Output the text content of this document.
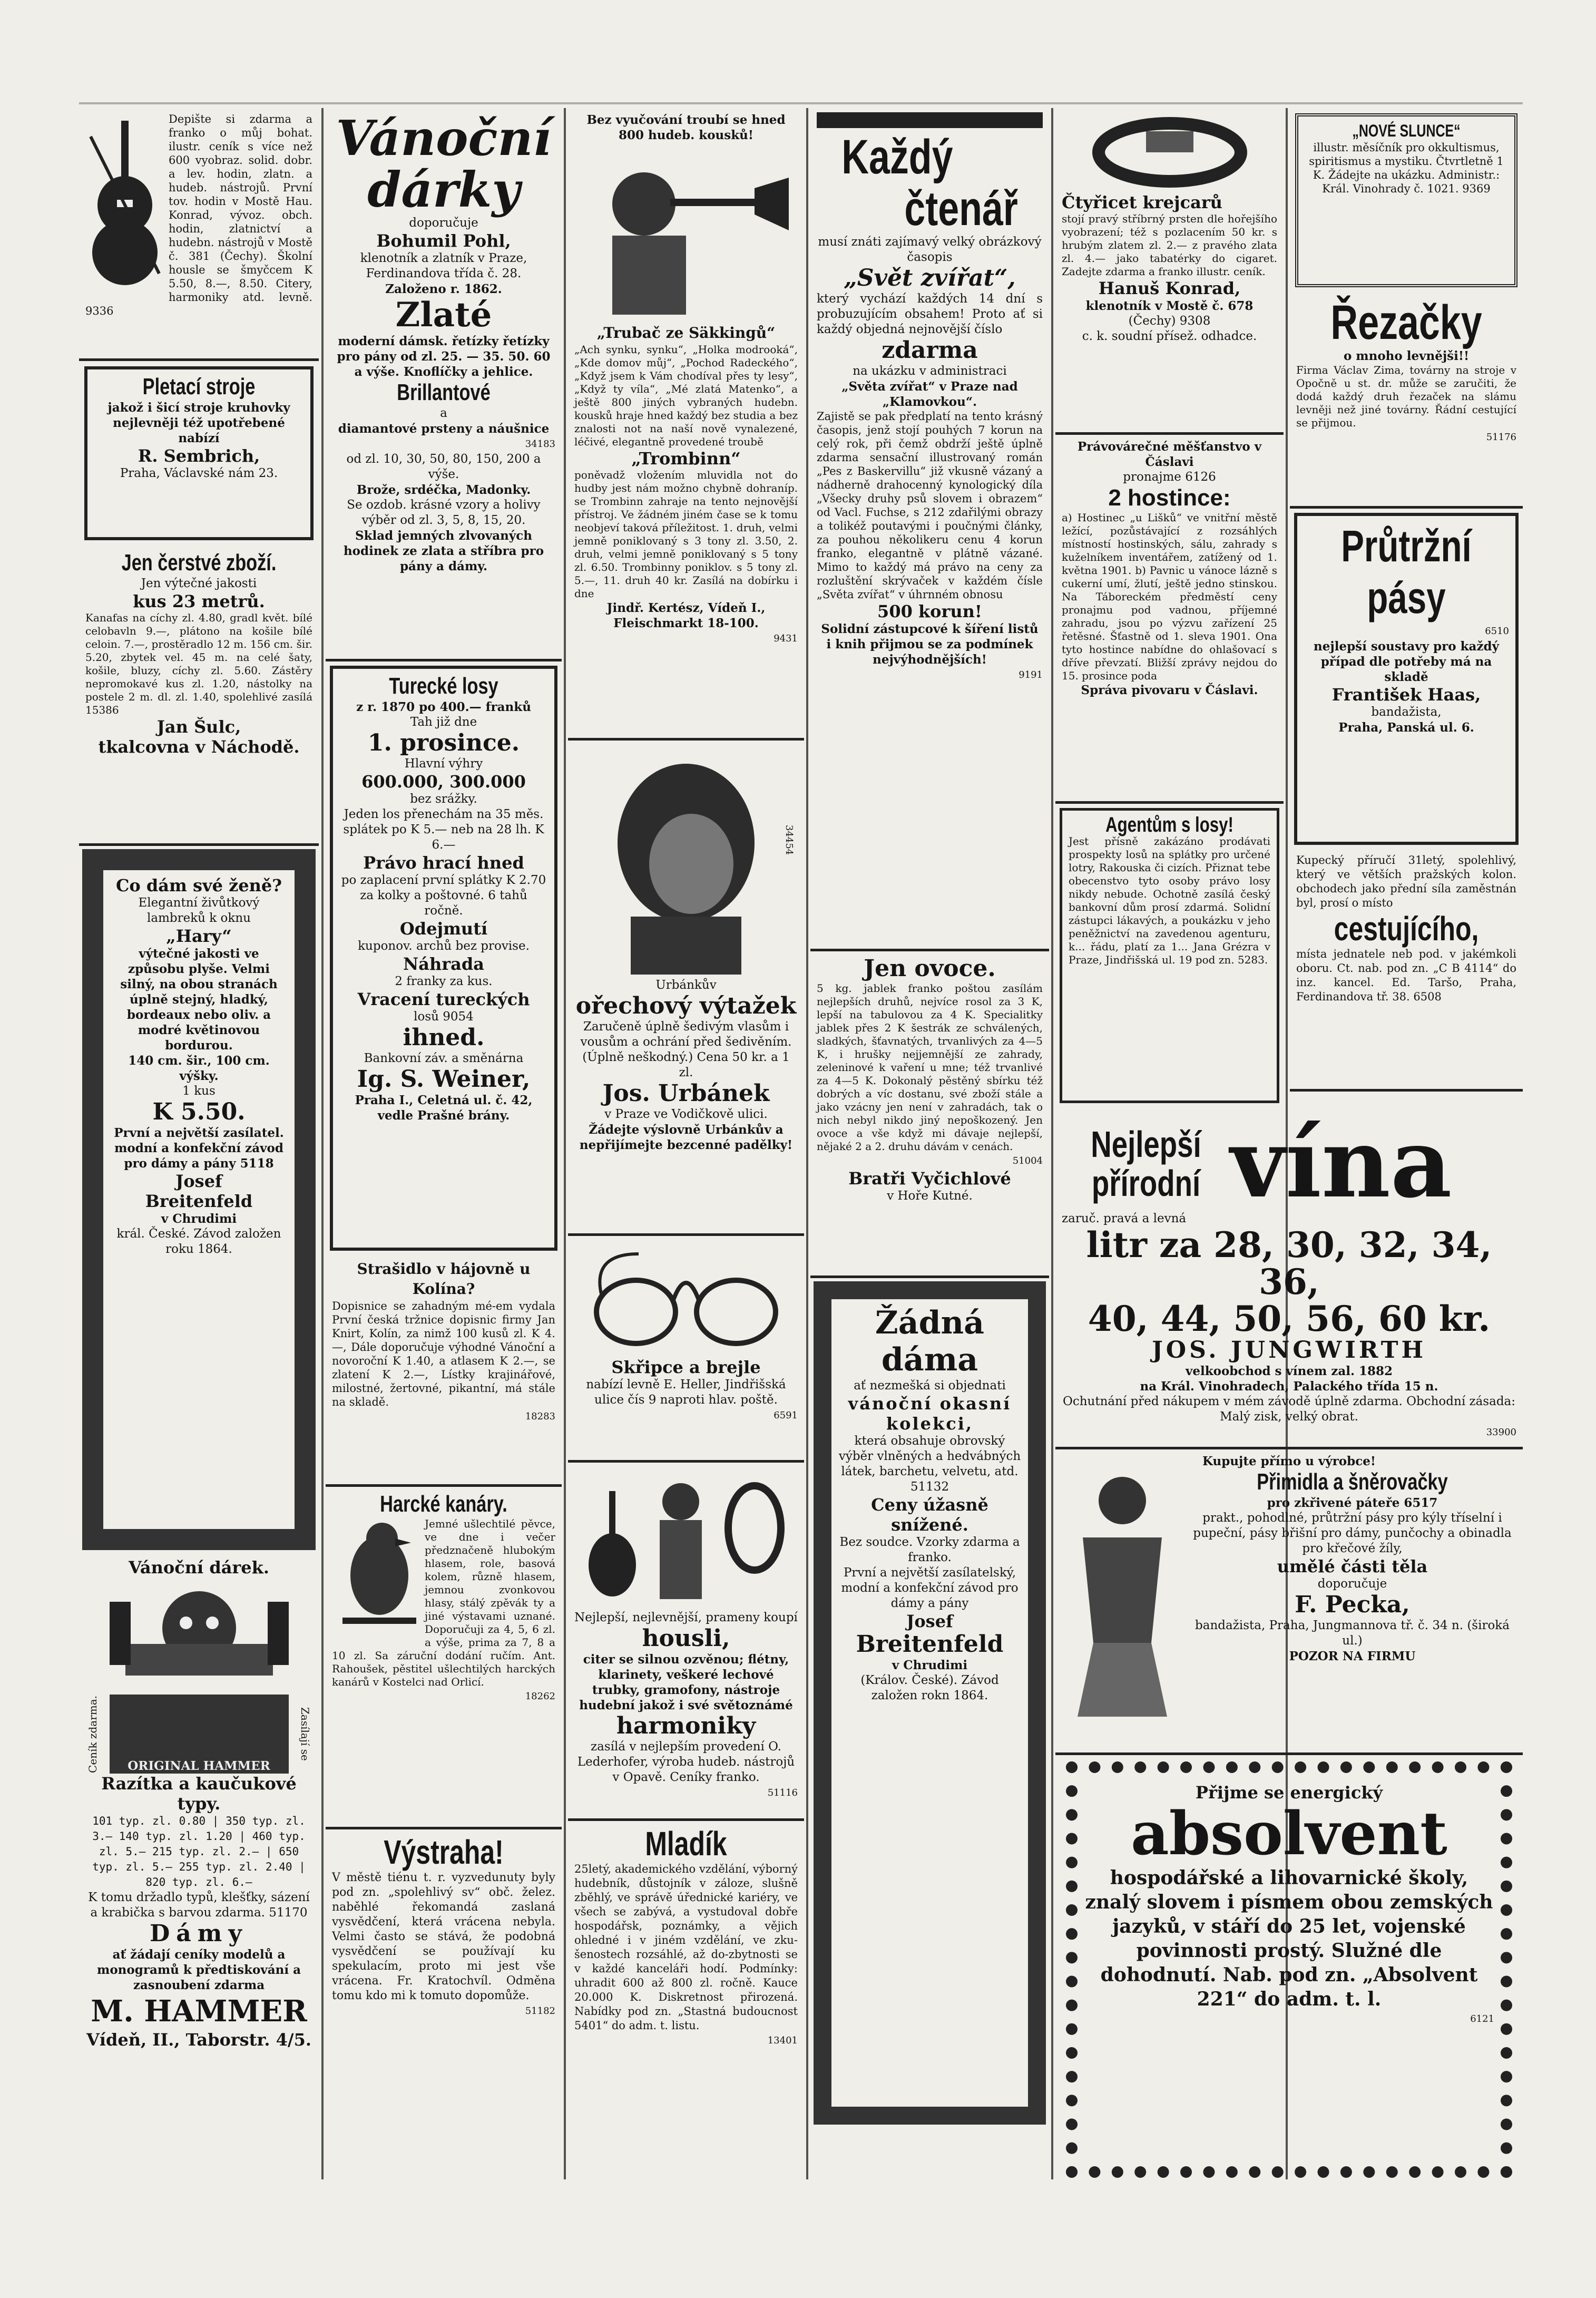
Depište si zdarma a franko o můj bohat. ilustr. ceník s více než 600 vyobraz. solid. dobr. a lev. hodin, zlatn. a hudeb. nástrojů. První tov. hodin v Mostě Hau. Konrad, vývoz. obch. hodin, zlatnictví a hudebn. nástrojů v Mostě č. 381 (Čechy). Školní housle se šmyčcem K 5.50, 8.—, 8.50. Citery, harmoniky atd. levně. 9336
Pletací stroje
jakož i šicí stroje kruhovky nejlevněji též upotřebené nabízí
R. Sembrich,
Praha, Václavské nám 23.
Jen čerstvé zboží.
Jen výtečné jakosti
kus 23 metrů.
Kanafas na cíchy zl. 4.80, gradl květ. bílé celobavln 9.—, plátono na košile bílé celoin. 7.—, prostěradlo 12 m. 156 cm. šir. 5.20, zbytek vel. 45 m. na celé šaty, košile, bluzy, cíchy zl. 5.60. Zástěry nepromokavé kus zl. 1.20, nástolky na postele 2 m. dl. zl. 1.40, spolehlivé zasílá 15386
Jan Šulc,
tkalcovna v Náchodě.
Co dám své ženě?
Elegantní živůtkový lambreků k oknu
„Hary“
výtečné jakosti ve způsobu plyše. Velmi silný, na obou stranách úplně stejný, hladký, bordeaux nebo oliv. a modré květinovou bordurou.
140 cm. šir., 100 cm. výšky.
1 kus
K 5.50.
První a největší zasílatel. modní a konfekční závod pro dámy a pány 5118
Josef
Breitenfeld
v Chrudimi
král. České. Závod založen roku 1864.
Vánoční dárek.
Ceník zdarma. ORIGINAL HAMMER
Zasílají se
Razítka a kaučukové typy.
101 typ. zl. 0.80 | 350 typ. zl. 3.— 140 typ. zl. 1.20 | 460 typ. zl. 5.— 215 typ. zl. 2.— | 650 typ. zl. 5.— 255 typ. zl. 2.40 | 820 typ. zl. 6.—
K tomu držadlo typů, klešťky, sázení a krabička s barvou zdarma. 51170
Dámy
ať žádají ceníky modelů a monogramů k předtiskování a zasnoubení zdarma
M. HAMMER
Vídeň, II., Taborstr. 4/5.
Vánoční
dárky
doporučuje
Bohumil Pohl,
klenotník a zlatník v Praze, Ferdinandova třída č. 28.
Založeno r. 1862.
Zlaté
moderní dámsk. řetízky řetízky pro pány od zl. 25. — 35. 50. 60 a výše. Knoflíčky a jehlice.
Brillantové
a
diamantové prsteny a náušnice
34183
od zl. 10, 30, 50, 80, 150, 200 a výše.
Brože, srdéčka, Madonky.
Se ozdob. krásné vzory a holivy výběr od zl. 3, 5, 8, 15, 20.
Sklad jemných zlvovaných hodinek ze zlata a stříbra pro pány a dámy.
Turecké losy
z r. 1870 po 400.— franků
Tah již dne
1. prosince.
Hlavní výhry
600.000, 300.000
bez srážky.
Jeden los přenechám na 35 měs. splátek po K 5.— neb na 28 lh. K 6.—
Právo hrací hned
po zaplacení první splátky K 2.70 za kolky a poštovné. 6 tahů ročně.
Odejmutí
kuponov. archů bez provise.
Náhrada
2 franky za kus.
Vracení tureckých
losů 9054
ihned.
Bankovní záv. a směnárna
Ig. S. Weiner,
Praha I., Celetná ul. č. 42, vedle Prašné brány.
Strašidlo v hájovně u Kolína?
Dopisnice se zahadným mé-em vydala První česká tržnice dopisnic firmy Jan Knirt, Kolín, za nimž 100 kusů zl. K 4.—, Dále doporučuje výhodné Vánoční a novoroční K 1.40, a atlasem K 2.—, se zlatení K 2.—, Lístky krajinářové, milostné, žertovné, pikantní, má stále na skladě.
18283
Harcké kanáry.
Jemné ušlechtilé pěvce, ve dne i večer předznačeně hlubokým hlasem, role, basová kolem, různě hlasem, jemnou zvonkovou hlasy, stálý zpěvák ty a jiné výstavami uznané. Doporučuji za 4, 5, 6 zl. a výše, prima za 7, 8 a 10 zl. Sa záruční dodání ručím. Ant. Rahoušek, pěstitel ušlechtilých harckých kanárů v Kostelci nad Orlicí.
18262
Výstraha!
V městě tiénu t. r. vyzvedunuty byly pod zn. „spolehlivý sv“ obč. želez. naběhlé řekomandá zaslaná vysvědčení, která vrácena nebyla. Velmi často se stává, že podobná vysvědčení se používají ku spekulacím, proto mi jest vše vrácena. Fr. Kratochvíl. Odměna tomu kdo mi k tomuto dopomůže.
51182
Bez vyučování troubí se hned 800 hudeb. kousků!
„Trubač ze Säkkingů“
„Ach synku, synku“, „Holka modrooká“, „Kde domov můj“, „Pochod Radeckého“, „Když jsem k Vám chodíval přes ty lesy“, „Když ty víla“, „Mé zlatá Matenko“, a ještě 800 jiných vybraných hudebn. kousků hraje hned každý bez studia a bez znalosti not na naší nově vynalezené, léčivé, elegantně provedené troubě
„Trombinn“
poněvadž vložením mluvidla not do hudby jest nám možno chybně dohraníp. se Trombinn zahraje na tento nejnovější přístroj. Ve žádném jiném čase se k tomu neobjeví taková příležitost. 1. druh, velmi jemně poniklovaný s 3 tony zl. 3.50, 2. druh, velmi jemně poniklovaný s 5 tony zl. 6.50. Trombinny poniklov. s 5 tony zl. 5.—, 11. druh 40 kr. Zasílá na dobírku i dne
Jindř. Kertész, Vídeň I., Fleischmarkt 18-100.
9431
34454
Urbánkův
ořechový výtažek
Zaručeně úplně šedivým vlasům i vousům a ochrání před šedivěním. (Úplně neškodný.) Cena 50 kr. a 1 zl.
Jos. Urbánek
v Praze ve Vodičkově ulici.
Žádejte výslovně Urbánkův a nepřijímejte bezcenné padělky!
Skřipce a brejle
nabízí levně E. Heller, Jindřišská ulice čís 9 naproti hlav. poště.
6591
Nejlepší, nejlevnější, prameny koupí
housli,
citer se silnou ozvěnou; flétny, klarinety, veškeré lechové trubky, gramofony, nástroje hudební jakož i své světoznámé
harmoniky
zasílá v nejlepším provedení O. Lederhofer, výroba hudeb. nástrojů v Opavě. Ceníky franko.
51116
Mladík
25letý, akademického vzdělání, výborný hudebník, důstojník v záloze, slušně zběhlý, ve správě úřednické kariéry, ve všech se zabývá, a vystudoval dobře hospodářsk, poznámky, a vějich ohledné i v jiném vzdělání, ve zku-šenostech rozsáhlé, až do-zbytnosti se v každé kanceláři hodí. Podmínky: uhradit 600 až 800 zl. ročně. Kauce 20.000 K. Diskretnost přirozená. Nabídky pod zn. „Stastná budoucnost 5401“ do adm. t. listu.
13401
Každý
čtenář
musí znáti zajímavý velký obrázkový časopis
„Svět zvířat“,
který vychází každých 14 dní s probuzujícím obsahem! Proto ať si každý objedná nejnovější číslo
zdarma
na ukázku v administraci
„Světa zvířat“ v Praze nad „Klamovkou“.
Zajistě se pak předplatí na tento krásný časopis, jenž stojí pouhých 7 korun na celý rok, při čemž obdrží ještě úplně zdarma sensační illustrovaný román „Pes z Baskervillu“ již vkusně vázaný a nádherně drahocenný kynologický díla „Všecky druhy psů slovem i obrazem“ od Vacl. Fuchse, s 212 zdařilými obrazy a tolikéž poutavými i poučnými články, za pouhou několikeru cenu 4 korun franko, elegantně v plátně vázané. Mimo to každý má právo na ceny za rozluštění skrývaček v každém čísle „Světa zvířat“ v úhrnném obnosu
500 korun!
Solidní zástupcové k šíření listů i knih přijmou se za podmínek nejvýhodnějších!
9191
Jen ovoce.
5 kg. jablek franko poštou zasílám nejlepších druhů, nejvíce rosol za 3 K, lepší na tabulovou za 4 K. Specialitky jablek přes 2 K šestrák ze schválených, sladkých, šťavnatých, trvanlivých za 4—5 K, i hrušky nejjemnější ze zahrady, zeleninové k vaření u mne; též trvanlivé za 4—5 K. Dokonalý pěstěný sbírku též dobrých a víc dostanu, své zboží stále a jako vzácny jen není v zahradách, tak o nich nebyl nikdo jiný nepoškozený. Jen ovoce a vše když mi dávaje nejlepší, nějaké 2 a 2. druhu dávám v cenách.
51004
Bratři Vyčichlové
v Hoře Kutné.
Žádná
dáma
ať nezmešká si objednati
vánoční okasní kolekci,
která obsahuje obrovský výběr vlněných a hedvábných látek, barchetu, velvetu, atd. 51132
Ceny úžasně snížené.
Bez soudce. Vzorky zdarma a franko.
První a největší zasílatelský, modní a konfekční závod pro dámy a pány
Josef
Breitenfeld
v Chrudimi
(Králov. České). Závod založen rokn 1864.
Čtyřicet krejcarů
stojí pravý stříbrný prsten dle hořejšího vyobrazení; též s pozlacením 50 kr. s hrubým zlatem zl. 2.— z pravého zlata zl. 4.— jako tabatérky do cigaret. Zadejte zdarma a franko illustr. ceník.
Hanuš Konrad,
klenotník v Mostě č. 678
(Čechy) 9308
c. k. soudní přísež. odhadce.
Právovárečné měšťanstvo v Čáslavi
pronajme 6126
2 hostince:
a) Hostinec „u Lišků“ ve vnitřní městě ležící, pozůstávající z rozsáhlých místností hostinských, sálu, zahrady s kuželníkem inventářem, zatížený od 1. května 1901. b) Pavnic u vánoce lázně s cukerní umí, žlutí, ještě jedno stinskou. Na Táboreckém předměstí ceny pronajmu pod vadnou, příjemné zahradu, jsou po výzvu zařízení 25 řetěsné. Šťastně od 1. sleva 1901. Ona tyto hostince nabídne do ohlašovací s dříve převzatí. Bližší zprávy nejdou do 15. prosince poda
Správa pivovaru v Čáslavi.
Agentům s losy!
Jest přísně zakázáno prodávati prospekty losů na splátky pro určené lotry, Rakouska či cizích. Přiznat tebe obecenstvo tyto osoby právo losy nikdy nebude. Ochotně zasílá český bankovní dům prosí zdarmá. Solidní zástupci lákavých, a poukázku v jeho peněžnictví na zavedenou agenturu, k... řádu, platí za 1... Jana Grézra v Praze, Jindřišská ul. 19 pod zn. 5283.
„NOVÉ SLUNCE“
illustr. měsíčník pro okkultismus, spiritismus a mystiku. Čtvrtletně 1 K. Žádejte na ukázku. Administr.: Král. Vinohrady č. 1021. 9369
Řezačky
o mnoho levnějši!!
Firma Václav Zima, továrny na stroje v Opočně u st. dr. může se zaručiti, že dodá každý druh řezaček na slámu levněji než jiné továrny. Řádní cestující se přijmou.
51176
Průtržní
pásy
6510
nejlepší soustavy pro každý případ dle potřeby má na skladě
František Haas,
bandažista,
Praha, Panská ul. 6.
Kupecký příručí 31letý, spolehlivý, který ve větších pražských kolon. obchodech jako přední síla zaměstnán byl, prosí o místo
cestujícího,
místa jednatele neb pod. v jakémkoli oboru. Ct. nab. pod zn. „C B 4114“ do inz. kancel. Ed. Taršo, Praha, Ferdinandova tř. 38. 6508
Nejlepší
přírodní vína
zaruč. pravá a levná
litr za 28, 30, 32, 34, 36,
40, 44, 50, 56, 60 kr.
JOS. JUNGWIRTH
velkoobchod s vínem zal. 1882
na Král. Vinohradech, Palackého třída 15 n.
Ochutnání před nákupem v mém závodě úplně zdarma. Obchodní zásada: Malý zisk, velký obrat.
33900
Kupujte přímo u výrobce!
Přimidla a šněrovačky
pro zkřivené páteře 6517
prakt., pohodlné, průtržní pásy pro kýly tříselní i pupeční, pásy břišní pro dámy, punčochy a obinadla pro křečové žíly,
umělé části těla
doporučuje
F. Pecka,
bandažista, Praha, Jungmannova tř. č. 34 n. (široká ul.)
POZOR NA FIRMU
Přijme se energický
absolvent
hospodářské a lihovarnické školy, znalý slovem i písmem obou zemských jazyků, v stáří do 25 let, vojenské povinnosti prostý. Služné dle dohodnutí. Nab. pod zn. „Absolvent 221“ do adm. t. l.
6121
